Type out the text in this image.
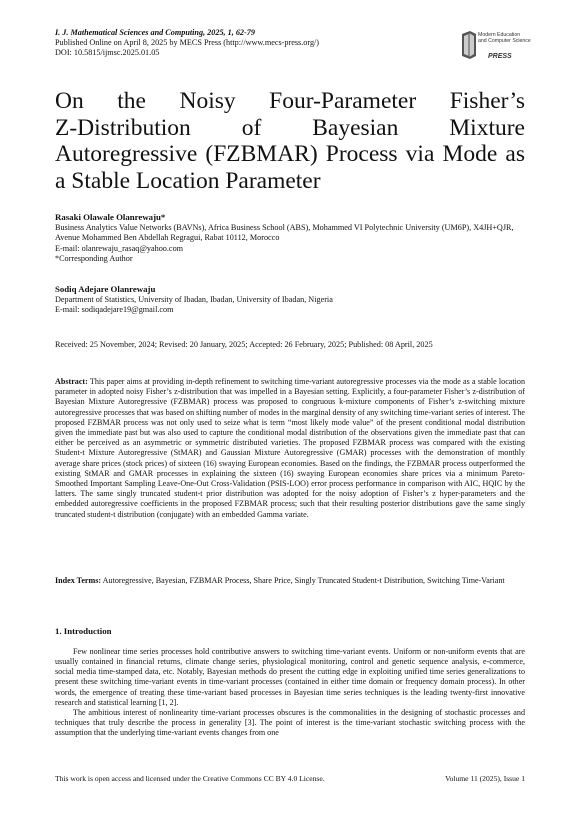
I. J. Mathematical Sciences and Computing, 2025, 1, 62-79
Published Online on April 8, 2025 by MECS Press (http://www.mecs-press.org/)
DOI: 10.5815/ijmsc.2025.01.05
Modern Education
and Computer Science
PRESS
On the Noisy Four-Parameter Fisher’s
Z-Distribution of Bayesian Mixture
Autoregressive (FZBMAR) Process via Mode as
a Stable Location Parameter
Rasaki Olawale Olanrewaju*
Business Analytics Value Networks (BAVNs), Africa Business School (ABS), Mohammed VI Polytechnic University (UM6P), X4JH+QJR, Avenue Mohammed Ben Abdellah Regragui, Rabat 10112, Morocco
E-mail: olanrewaju_rasaq@yahoo.com
*Corresponding Author
Sodiq Adejare Olanrewaju
Department of Statistics, University of Ibadan, Ibadan, University of Ibadan, Nigeria
E-mail: sodiqadejare19@gmail.com
Received: 25 November, 2024; Revised: 20 January, 2025; Accepted: 26 February, 2025; Published: 08 April, 2025
Abstract: This paper aims at providing in-depth refinement to switching time-variant autoregressive processes via the mode as a stable location parameter in adopted noisy Fisher’s z-distribution that was impelled in a Bayesian setting. Explicitly, a four-parameter Fisher’s z-distribution of Bayesian Mixture Autoregressive (FZBMAR) process was proposed to congruous k-mixture components of Fisher’s z-switching mixture autoregressive processes that was based on shifting number of modes in the marginal density of any switching time-variant series of interest. The proposed FZBMAR process was not only used to seize what is term “most likely mode value” of the present conditional modal distribution given the immediate past but was also used to capture the conditional modal distribution of the observations given the immediate past that can either be perceived as an asymmetric or symmetric distributed varieties. The proposed FZBMAR process was compared with the existing Student-t Mixture Autoregressive (StMAR) and Gaussian Mixture Autoregressive (GMAR) processes with the demonstration of monthly average share prices (stock prices) of sixteen (16) swaying European economies. Based on the findings, the FZBMAR process outperformed the existing StMAR and GMAR processes in explaining the sixteen (16) swaying European economies share prices via a minimum Pareto-Smoothed Important Sampling Leave-One-Out Cross-Validation (PSIS-LOO) error process performance in comparison with AIC, HQIC by the latters. The same singly truncated student-t prior distribution was adopted for the noisy adoption of Fisher’s z hyper-parameters and the embedded autoregressive coefficients in the proposed FZBMAR process; such that their resulting posterior distributions gave the same singly truncated student-t distribution (conjugate) with an embedded Gamma variate.
Index Terms: Autoregressive, Bayesian, FZBMAR Process, Share Price, Singly Truncated Student-t Distribution, Switching Time-Variant
1. Introduction

Few nonlinear time series processes hold contributive answers to switching time-variant events. Uniform or non-uniform events that are usually contained in financial returns, climate change series, physiological monitoring, control and genetic sequence analysis, e-commerce, social media time-stamped data, etc. Notably, Bayesian methods do present the cutting edge in exploiting unified time series generalizations to present these switching time-variant events in time-variant processes (contained in either time domain or frequency domain process). In other words, the emergence of treating these time-variant based processes in Bayesian time series techniques is the leading twenty-first innovative research and statistical learning [1, 2].

The ambitious interest of nonlinearity time-variant processes obscures is the commonalities in the designing of stochastic processes and techniques that truly describe the process in generality [3]. The point of interest is the time-variant stochastic switching process with the assumption that the underlying time-variant events changes from one

This work is open access and licensed under the Creative Commons CC BY 4.0 License.	Volume 11 (2025), Issue 1
